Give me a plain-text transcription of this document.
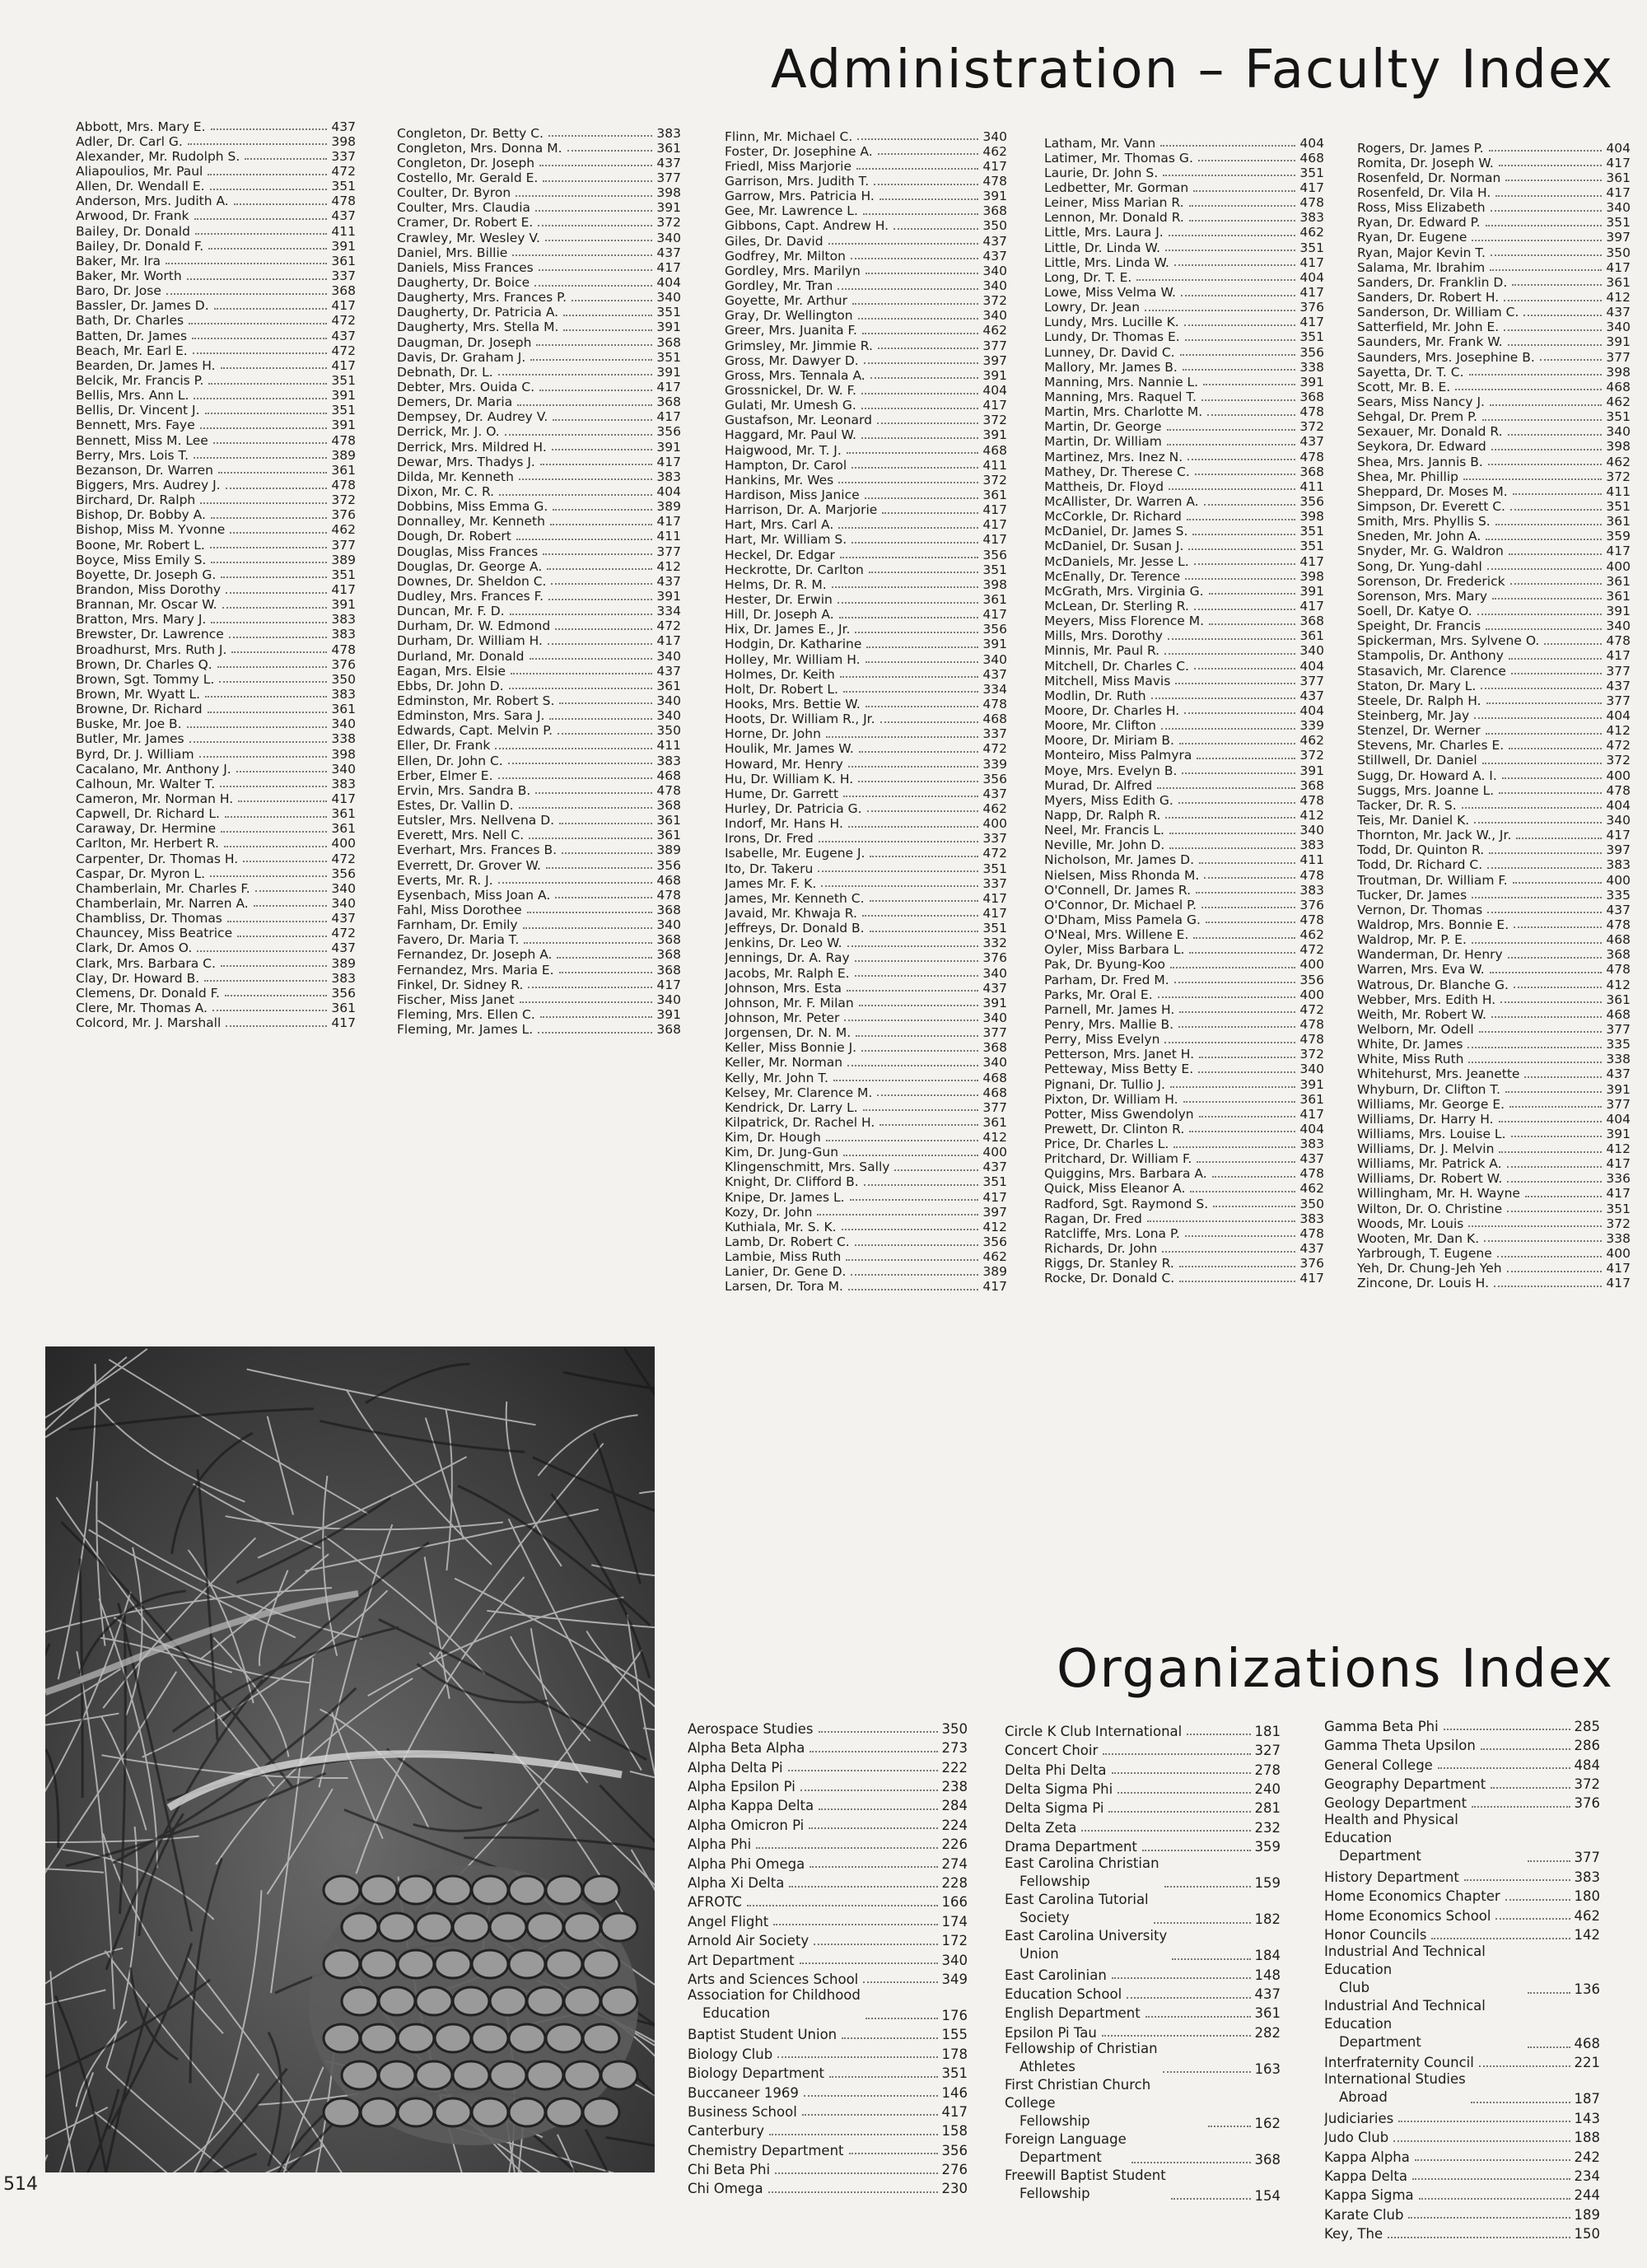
Administration – Faculty Index
Abbott, Mrs. Mary E.	437
Adler, Dr. Carl G.	398
Alexander, Mr. Rudolph S.	337
Aliapoulios, Mr. Paul	472
Allen, Dr. Wendall E.	351
Anderson, Mrs. Judith A.	478
Arwood, Dr. Frank	437
Bailey, Dr. Donald	411
Bailey, Dr. Donald F.	391
Baker, Mr. Ira	361
Baker, Mr. Worth	337
Baro, Dr. Jose	368
Bassler, Dr. James D.	417
Bath, Dr. Charles	472
Batten, Dr. James	437
Beach, Mr. Earl E.	472
Bearden, Dr. James H.	417
Belcik, Mr. Francis P.	351
Bellis, Mrs. Ann L.	391
Bellis, Dr. Vincent J.	351
Bennett, Mrs. Faye	391
Bennett, Miss M. Lee	478
Berry, Mrs. Lois T.	389
Bezanson, Dr. Warren	361
Biggers, Mrs. Audrey J.	478
Birchard, Dr. Ralph	372
Bishop, Dr. Bobby A.	376
Bishop, Miss M. Yvonne	462
Boone, Mr. Robert L.	377
Boyce, Miss Emily S.	389
Boyette, Dr. Joseph G.	351
Brandon, Miss Dorothy	417
Brannan, Mr. Oscar W.	391
Bratton, Mrs. Mary J.	383
Brewster, Dr. Lawrence	383
Broadhurst, Mrs. Ruth J.	478
Brown, Dr. Charles Q.	376
Brown, Sgt. Tommy L.	350
Brown, Mr. Wyatt L.	383
Browne, Dr. Richard	361
Buske, Mr. Joe B.	340
Butler, Mr. James	338
Byrd, Dr. J. William	398
Cacalano, Mr. Anthony J.	340
Calhoun, Mr. Walter T.	383
Cameron, Mr. Norman H.	417
Capwell, Dr. Richard L.	361
Caraway, Dr. Hermine	361
Carlton, Mr. Herbert R.	400
Carpenter, Dr. Thomas H.	472
Caspar, Dr. Myron L.	356
Chamberlain, Mr. Charles F.	340
Chamberlain, Mr. Narren A.	340
Chambliss, Dr. Thomas	437
Chauncey, Miss Beatrice	472
Clark, Dr. Amos O.	437
Clark, Mrs. Barbara C.	389
Clay, Dr. Howard B.	383
Clemens, Dr. Donald F.	356
Clere, Mr. Thomas A.	361
Colcord, Mr. J. Marshall	417
Congleton, Dr. Betty C.	383
Congleton, Mrs. Donna M.	361
Congleton, Dr. Joseph	437
Costello, Mr. Gerald E.	377
Coulter, Dr. Byron	398
Coulter, Mrs. Claudia	391
Cramer, Dr. Robert E.	372
Crawley, Mr. Wesley V.	340
Daniel, Mrs. Billie	437
Daniels, Miss Frances	417
Daugherty, Dr. Boice	404
Daugherty, Mrs. Frances P.	340
Daugherty, Dr. Patricia A.	351
Daugherty, Mrs. Stella M.	391
Daugman, Dr. Joseph	368
Davis, Dr. Graham J.	351
Debnath, Dr. L.	391
Debter, Mrs. Ouida C.	417
Demers, Dr. Maria	368
Dempsey, Dr. Audrey V.	417
Derrick, Mr. J. O.	356
Derrick, Mrs. Mildred H.	391
Dewar, Mrs. Thadys J.	417
Dilda, Mr. Kenneth	383
Dixon, Mr. C. R.	404
Dobbins, Miss Emma G.	389
Donnalley, Mr. Kenneth	417
Dough, Dr. Robert	411
Douglas, Miss Frances	377
Douglas, Dr. George A.	412
Downes, Dr. Sheldon C.	437
Dudley, Mrs. Frances F.	391
Duncan, Mr. F. D.	334
Durham, Dr. W. Edmond	472
Durham, Dr. William H.	417
Durland, Mr. Donald	340
Eagan, Mrs. Elsie	437
Ebbs, Dr. John D.	361
Edminston, Mr. Robert S.	340
Edminston, Mrs. Sara J.	340
Edwards, Capt. Melvin P.	350
Eller, Dr. Frank	411
Ellen, Dr. John C.	383
Erber, Elmer E.	468
Ervin, Mrs. Sandra B.	478
Estes, Dr. Vallin D.	368
Eutsler, Mrs. Nellvena D.	361
Everett, Mrs. Nell C.	361
Everhart, Mrs. Frances B.	389
Everrett, Dr. Grover W.	356
Everts, Mr. R. J.	468
Eysenbach, Miss Joan A.	478
Fahl, Miss Dorothee	368
Farnham, Dr. Emily	340
Favero, Dr. Maria T.	368
Fernandez, Dr. Joseph A.	368
Fernandez, Mrs. Maria E.	368
Finkel, Dr. Sidney R.	417
Fischer, Miss Janet	340
Fleming, Mrs. Ellen C.	391
Fleming, Mr. James L.	368
Flinn, Mr. Michael C.	340
Foster, Dr. Josephine A.	462
Friedl, Miss Marjorie	417
Garrison, Mrs. Judith T.	478
Garrow, Mrs. Patricia H.	391
Gee, Mr. Lawrence L.	368
Gibbons, Capt. Andrew H.	350
Giles, Dr. David	437
Godfrey, Mr. Milton	437
Gordley, Mrs. Marilyn	340
Gordley, Mr. Tran	340
Goyette, Mr. Arthur	372
Gray, Dr. Wellington	340
Greer, Mrs. Juanita F.	462
Grimsley, Mr. Jimmie R.	377
Gross, Mr. Dawyer D.	397
Gross, Mrs. Tennala A.	391
Grossnickel, Dr. W. F.	404
Gulati, Mr. Umesh G.	417
Gustafson, Mr. Leonard	372
Haggard, Mr. Paul W.	391
Haigwood, Mr. T. J.	468
Hampton, Dr. Carol	411
Hankins, Mr. Wes	372
Hardison, Miss Janice	361
Harrison, Dr. A. Marjorie	417
Hart, Mrs. Carl A.	417
Hart, Mr. William S.	417
Heckel, Dr. Edgar	356
Heckrotte, Dr. Carlton	351
Helms, Dr. R. M.	398
Hester, Dr. Erwin	361
Hill, Dr. Joseph A.	417
Hix, Dr. James E., Jr.	356
Hodgin, Dr. Katharine	391
Holley, Mr. William H.	340
Holmes, Dr. Keith	437
Holt, Dr. Robert L.	334
Hooks, Mrs. Bettie W.	478
Hoots, Dr. William R., Jr.	468
Horne, Dr. John	337
Houlik, Mr. James W.	472
Howard, Mr. Henry	339
Hu, Dr. William K. H.	356
Hume, Dr. Garrett	437
Hurley, Dr. Patricia G.	462
Indorf, Mr. Hans H.	400
Irons, Dr. Fred	337
Isabelle, Mr. Eugene J.	472
Ito, Dr. Takeru	351
James Mr. F. K.	337
James, Mr. Kenneth C.	417
Javaid, Mr. Khwaja R.	417
Jeffreys, Dr. Donald B.	351
Jenkins, Dr. Leo W.	332
Jennings, Dr. A. Ray	376
Jacobs, Mr. Ralph E.	340
Johnson, Mrs. Esta	437
Johnson, Mr. F. Milan	391
Johnson, Mr. Peter	340
Jorgensen, Dr. N. M.	377
Keller, Miss Bonnie J.	368
Keller, Mr. Norman	340
Kelly, Mr. John T.	468
Kelsey, Mr. Clarence M.	468
Kendrick, Dr. Larry L.	377
Kilpatrick, Dr. Rachel H.	361
Kim, Dr. Hough	412
Kim, Dr. Jung-Gun	400
Klingenschmitt, Mrs. Sally	437
Knight, Dr. Clifford B.	351
Knipe, Dr. James L.	417
Kozy, Dr. John	397
Kuthiala, Mr. S. K.	412
Lamb, Dr. Robert C.	356
Lambie, Miss Ruth	462
Lanier, Dr. Gene D.	389
Larsen, Dr. Tora M.	417
Latham, Mr. Vann	404
Latimer, Mr. Thomas G.	468
Laurie, Dr. John S.	351
Ledbetter, Mr. Gorman	417
Leiner, Miss Marian R.	478
Lennon, Mr. Donald R.	383
Little, Mrs. Laura J.	462
Little, Dr. Linda W.	351
Little, Mrs. Linda W.	417
Long, Dr. T. E.	404
Lowe, Miss Velma W.	417
Lowry, Dr. Jean	376
Lundy, Mrs. Lucille K.	417
Lundy, Dr. Thomas E.	351
Lunney, Dr. David C.	356
Mallory, Mr. James B.	338
Manning, Mrs. Nannie L.	391
Manning, Mrs. Raquel T.	368
Martin, Mrs. Charlotte M.	478
Martin, Dr. George	372
Martin, Dr. William	437
Martinez, Mrs. Inez N.	478
Mathey, Dr. Therese C.	368
Mattheis, Dr. Floyd	411
McAllister, Dr. Warren A.	356
McCorkle, Dr. Richard	398
McDaniel, Dr. James S.	351
McDaniel, Dr. Susan J.	351
McDaniels, Mr. Jesse L.	417
McEnally, Dr. Terence	398
McGrath, Mrs. Virginia G.	391
McLean, Dr. Sterling R.	417
Meyers, Miss Florence M.	368
Mills, Mrs. Dorothy	361
Minnis, Mr. Paul R.	340
Mitchell, Dr. Charles C.	404
Mitchell, Miss Mavis	377
Modlin, Dr. Ruth	437
Moore, Dr. Charles H.	404
Moore, Mr. Clifton	339
Moore, Dr. Miriam B.	462
Monteiro, Miss Palmyra	372
Moye, Mrs. Evelyn B.	391
Murad, Dr. Alfred	368
Myers, Miss Edith G.	478
Napp, Dr. Ralph R.	412
Neel, Mr. Francis L.	340
Neville, Mr. John D.	383
Nicholson, Mr. James D.	411
Nielsen, Miss Rhonda M.	478
O'Connell, Dr. James R.	383
O'Connor, Dr. Michael P.	376
O'Dham, Miss Pamela G.	478
O'Neal, Mrs. Willene E.	462
Oyler, Miss Barbara L.	472
Pak, Dr. Byung-Koo	400
Parham, Dr. Fred M.	356
Parks, Mr. Oral E.	400
Parnell, Mr. James H.	472
Penry, Mrs. Mallie B.	478
Perry, Miss Evelyn	478
Petterson, Mrs. Janet H.	372
Petteway, Miss Betty E.	340
Pignani, Dr. Tullio J.	391
Pixton, Dr. William H.	361
Potter, Miss Gwendolyn	417
Prewett, Dr. Clinton R.	404
Price, Dr. Charles L.	383
Pritchard, Dr. William F.	437
Quiggins, Mrs. Barbara A.	478
Quick, Miss Eleanor A.	462
Radford, Sgt. Raymond S.	350
Ragan, Dr. Fred	383
Ratcliffe, Mrs. Lona P.	478
Richards, Dr. John	437
Riggs, Dr. Stanley R.	376
Rocke, Dr. Donald C.	417
Rogers, Dr. James P.	404
Romita, Dr. Joseph W.	417
Rosenfeld, Dr. Norman	361
Rosenfeld, Dr. Vila H.	417
Ross, Miss Elizabeth	340
Ryan, Dr. Edward P.	351
Ryan, Dr. Eugene	397
Ryan, Major Kevin T.	350
Salama, Mr. Ibrahim	417
Sanders, Dr. Franklin D.	361
Sanders, Dr. Robert H.	412
Sanderson, Dr. William C.	437
Satterfield, Mr. John E.	340
Saunders, Mr. Frank W.	391
Saunders, Mrs. Josephine B.	377
Sayetta, Dr. T. C.	398
Scott, Mr. B. E.	468
Sears, Miss Nancy J.	462
Sehgal, Dr. Prem P.	351
Sexauer, Mr. Donald R.	340
Seykora, Dr. Edward	398
Shea, Mrs. Jannis B.	462
Shea, Mr. Phillip	372
Sheppard, Dr. Moses M.	411
Simpson, Dr. Everett C.	351
Smith, Mrs. Phyllis S.	361
Sneden, Mr. John A.	359
Snyder, Mr. G. Waldron	417
Song, Dr. Yung-dahl	400
Sorenson, Dr. Frederick	361
Sorenson, Mrs. Mary	361
Soell, Dr. Katye O.	391
Speight, Dr. Francis	340
Spickerman, Mrs. Sylvene O.	478
Stampolis, Dr. Anthony	417
Stasavich, Mr. Clarence	377
Staton, Dr. Mary L.	437
Steele, Dr. Ralph H.	377
Steinberg, Mr. Jay	404
Stenzel, Dr. Werner	412
Stevens, Mr. Charles E.	472
Stillwell, Dr. Daniel	372
Sugg, Dr. Howard A. I.	400
Suggs, Mrs. Joanne L.	478
Tacker, Dr. R. S.	404
Teis, Mr. Daniel K.	340
Thornton, Mr. Jack W., Jr.	417
Todd, Dr. Quinton R.	397
Todd, Dr. Richard C.	383
Troutman, Dr. William F.	400
Tucker, Dr. James	335
Vernon, Dr. Thomas	437
Waldrop, Mrs. Bonnie E.	478
Waldrop, Mr. P. E.	468
Wanderman, Dr. Henry	368
Warren, Mrs. Eva W.	478
Watrous, Dr. Blanche G.	412
Webber, Mrs. Edith H.	361
Weith, Mr. Robert W.	468
Welborn, Mr. Odell	377
White, Dr. James	335
White, Miss Ruth	338
Whitehurst, Mrs. Jeanette	437
Whyburn, Dr. Clifton T.	391
Williams, Mr. George E.	377
Williams, Dr. Harry H.	404
Williams, Mrs. Louise L.	391
Williams, Dr. J. Melvin	412
Williams, Mr. Patrick A.	417
Williams, Dr. Robert W.	336
Willingham, Mr. H. Wayne	417
Wilton, Dr. O. Christine	351
Woods, Mr. Louis	372
Wooten, Mr. Dan K.	338
Yarbrough, T. Eugene	400
Yeh, Dr. Chung-Jeh Yeh	417
Zincone, Dr. Louis H.	417
Organizations Index
Aerospace Studies	350
Alpha Beta Alpha	273
Alpha Delta Pi	222
Alpha Epsilon Pi	238
Alpha Kappa Delta	284
Alpha Omicron Pi	224
Alpha Phi	226
Alpha Phi Omega	274
Alpha Xi Delta	228
AFROTC	166
Angel Flight	174
Arnold Air Society	172
Art Department	340
Arts and Sciences School	349
Association for Childhood
Education	176
Baptist Student Union	155
Biology Club	178
Biology Department	351
Buccaneer 1969	146
Business School	417
Canterbury	158
Chemistry Department	356
Chi Beta Phi	276
Chi Omega	230
Circle K Club International	181
Concert Choir	327
Delta Phi Delta	278
Delta Sigma Phi	240
Delta Sigma Pi	281
Delta Zeta	232
Drama Department	359
East Carolina Christian
Fellowship	159
East Carolina Tutorial
Society	182
East Carolina University
Union	184
East Carolinian	148
Education School	437
English Department	361
Epsilon Pi Tau	282
Fellowship of Christian
Athletes	163
First Christian Church College
Fellowship	162
Foreign Language
Department	368
Freewill Baptist Student
Fellowship	154
Gamma Beta Phi	285
Gamma Theta Upsilon	286
General College	484
Geography Department	372
Geology Department	376
Health and Physical Education
Department	377
History Department	383
Home Economics Chapter	180
Home Economics School	462
Honor Councils	142
Industrial And Technical Education
Club	136
Industrial And Technical Education
Department	468
Interfraternity Council	221
International Studies
Abroad	187
Judiciaries	143
Judo Club	188
Kappa Alpha	242
Kappa Delta	234
Kappa Sigma	244
Karate Club	189
Key, The	150
514
